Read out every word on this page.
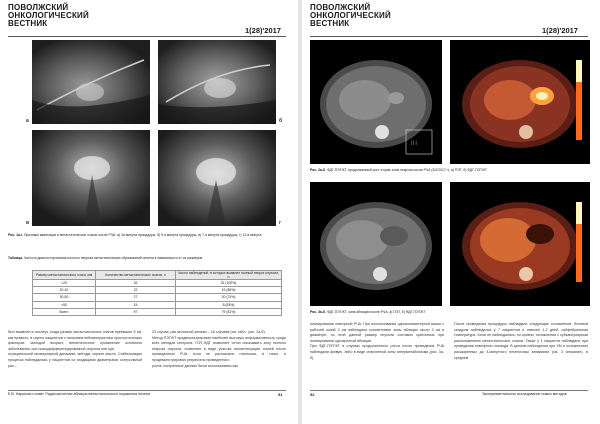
ПОВОЛЖСКИЙ
ОНКОЛОГИЧЕСКИЙ
ВЕСТНИК
1(28)'2017
а	б
в	г
Рис. 1а-г. Признаки кавитации в метастатических очагах после РЧА: а) 3я минута процедуры, б) 5-я минута процедуры, в) 7-я минута процедуры, г) 12-я минута
Таблица. Частота диагностирования полного некроза метастатических образований печени в зависимости от их размеров
Размер метастатического очага, мм	Количество метастатических очагов, n	Число наблюдений, в которых выявлен полный некроз опухоли, n
<20	32	32 (100%)
20-30	22	19 (86%)
30-50	27	20 (74%)
>50	15	8 (53%)
Всего	97	79 (81%)

был выявлен в послеуз, когда размер метастатических очагов превышал 5 см, как правило, в группе пациентов с наличием неблагоприятных прогностических факторов: молодой возраст, внепеченочное проявление основного заболевания, при низкодифференцированной опухоли или при

отрицательной молекулярной динамике, методы, серное масло. Стабилизация процесса наблюдалась у пациентов со сходящими диаметрами: контрольный рак –

23 случая, рак молочной железы – 16 случаев (см. табл., рис. 2а-б).

Метод ПЭТ/КТ продемонстрировал наиболее высокую информативность среди всех методов контроля. ПЭТ-ФДГ позволяет четко показывать зону полного некроза опухоли, позволяет в виде участка гипоаттенуации тканей после проведенного РЧА, если не распознали гипотонии, в точке, и продемонстрировал результаты проведенного

роста, полученные данные были использованы как

Е.В. Нарыков и соавт. Радиочастотная абляция метастатического поражения печени	51
ПОВОЛЖСКИЙ
ОНКОЛОГИЧЕСКИЙ
ВЕСТНИК
1(28)'2017
|||
Рис. 2а-б. ФДГ-ПЭТ/КТ, продолженный рост в крае зоны некроза после РЧА (3/2/2017 г): а) ПЭТ, б) ФДГ-ПЭТ/КТ
Рис. 3а-б. ФДГ-ПЭТ/КТ, зона аблации после РЧА: а) ПЭТ, б) ФДГ-ПЭТ/КТ

планирования повторной РЧА. При использовании однокомпьютерной маски с рабочей зоной 3 см наблюдали соответствие зоны аблации около 3 см в диаметре, по этой данной размер опухоли составил критичным при планировании однократной аблации.

При ФДГ-ПЭТ/КТ в случаях продолженного роста после проведения РЧА наблюдали кривую, либо в виде очерченной зоны гиперметаболизма (рис. 3а-б).

После проведения процедуры наблюдали следующие осложнения: болевой синдром наблюдался у 7 пациентов и отвечен 1-2 дней, субфебрильная температура. Боли не наблюдались, но кровно; осложнения с субкапсулярным расположением метастатических очагов. Также у 1 пациента наблюдали при проведении повторного эпизода. В данном наблюдении при ХМ и осложнениях расширенных до 4-минутного печеночных вливаниях (см. 3 описание), в среднем

52	Экспериментальное исследование новых методов
